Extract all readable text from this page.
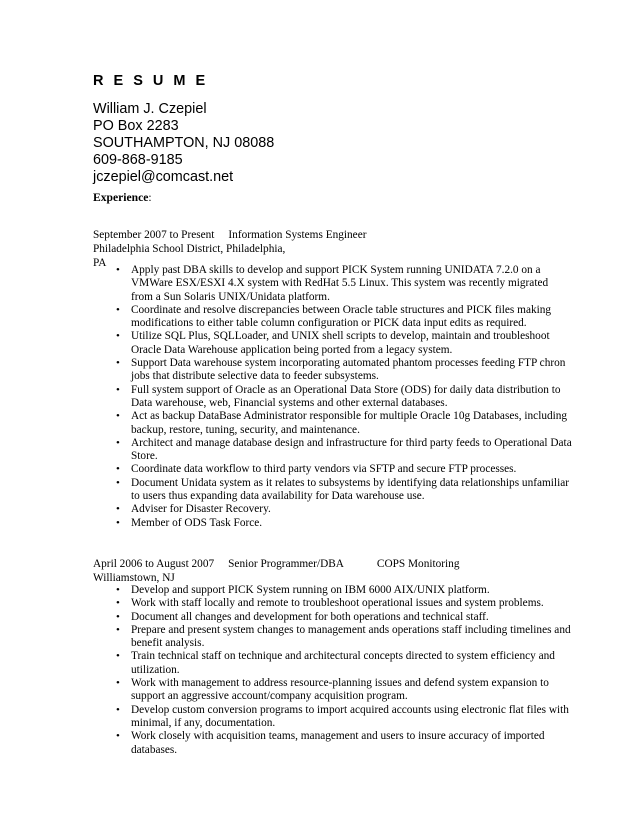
R E S U M E
William J. Czepiel
PO Box 2283
SOUTHAMPTON, NJ 08088
609-868-9185
jczepiel@comcast.net
Experience:
September 2007 to Present Information Systems EngineerPhiladelphia School District, Philadelphia,
PA
• Apply past DBA skills to develop and support PICK System running UNIDATA 7.2.0 on a
VMWare ESX/ESXI 4.X system with RedHat 5.5 Linux. This system was recently migrated
from a Sun Solaris UNIX/Unidata platform.
• Coordinate and resolve discrepancies between Oracle table structures and PICK files making
modifications to either table column configuration or PICK data input edits as required.
• Utilize SQL Plus, SQLLoader, and UNIX shell scripts to develop, maintain and troubleshoot
Oracle Data Warehouse application being ported from a legacy system.
• Support Data warehouse system incorporating automated phantom processes feeding FTP chron
jobs that distribute selective data to feeder subsystems.
• Full system support of Oracle as an Operational Data Store (ODS) for daily data distribution to
Data warehouse, web, Financial systems and other external databases.
• Act as backup DataBase Administrator responsible for multiple Oracle 10g Databases, including
backup, restore, tuning, security, and maintenance.
• Architect and manage database design and infrastructure for third party feeds to Operational Data
Store.
• Coordinate data workflow to third party vendors via SFTP and secure FTP processes.
• Document Unidata system as it relates to subsystems by identifying data relationships unfamiliar
to users thus expanding data availability for Data warehouse use.
• Adviser for Disaster Recovery.
• Member of ODS Task Force.
April 2006 to August 2007 Senior Programmer/DBA	COPS MonitoringWilliamstown, NJ
• Develop and support PICK System running on IBM 6000 AIX/UNIX platform.
• Work with staff locally and remote to troubleshoot operational issues and system problems.
• Document all changes and development for both operations and technical staff.
• Prepare and present system changes to management ands operations staff including timelines and
benefit analysis.
• Train technical staff on technique and architectural concepts directed to system efficiency and
utilization.
• Work with management to address resource-planning issues and defend system expansion to
support an aggressive account/company acquisition program.
• Develop custom conversion programs to import acquired accounts using electronic flat files with
minimal, if any, documentation.
• Work closely with acquisition teams, management and users to insure accuracy of imported
databases.
